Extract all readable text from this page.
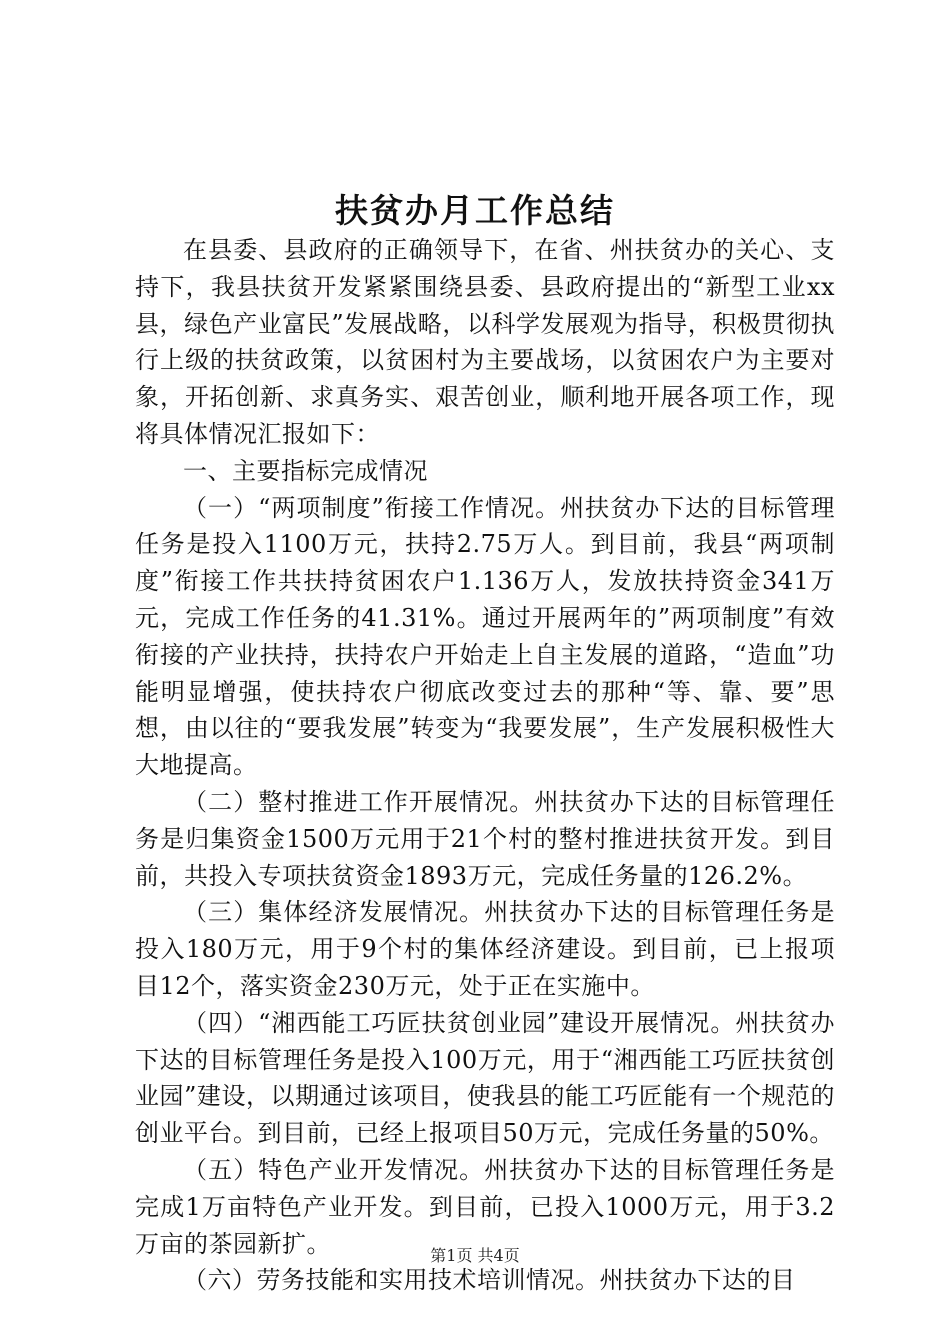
扶贫办月工作总结

在县委、县政府的正确领导下，在省、州扶贫办的关心、支持下，我县扶贫开发紧紧围绕县委、县政府提出的“新型工业xx县，绿色产业富民”发展战略，以科学发展观为指导，积极贯彻执行上级的扶贫政策，以贫困村为主要战场，以贫困农户为主要对象，开拓创新、求真务实、艰苦创业，顺利地开展各项工作，现将具体情况汇报如下：

一、主要指标完成情况

（一）“两项制度”衔接工作情况。州扶贫办下达的目标管理任务是投入1100万元，扶持2.75万人。到目前，我县“两项制度”衔接工作共扶持贫困农户1.136万人，发放扶持资金341万元，完成工作任务的41.31%。通过开展两年的”两项制度”有效衔接的产业扶持，扶持农户开始走上自主发展的道路，“造血”功能明显增强，使扶持农户彻底改变过去的那种“等、靠、要”思想，由以往的“要我发展”转变为“我要发展”，生产发展积极性大大地提高。

（二）整村推进工作开展情况。州扶贫办下达的目标管理任务是归集资金1500万元用于21个村的整村推进扶贫开发。到目前，共投入专项扶贫资金1893万元，完成任务量的126.2%。

（三）集体经济发展情况。州扶贫办下达的目标管理任务是投入180万元，用于9个村的集体经济建设。到目前，已上报项目12个，落实资金230万元，处于正在实施中。

（四）“湘西能工巧匠扶贫创业园”建设开展情况。州扶贫办下达的目标管理任务是投入100万元，用于“湘西能工巧匠扶贫创业园”建设，以期通过该项目，使我县的能工巧匠能有一个规范的创业平台。到目前，已经上报项目50万元，完成任务量的50%。

（五）特色产业开发情况。州扶贫办下达的目标管理任务是完成1万亩特色产业开发。到目前，已投入1000万元，用于3.2万亩的茶园新扩。

（六）劳务技能和实用技术培训情况。州扶贫办下达的目

第1页 共4页
